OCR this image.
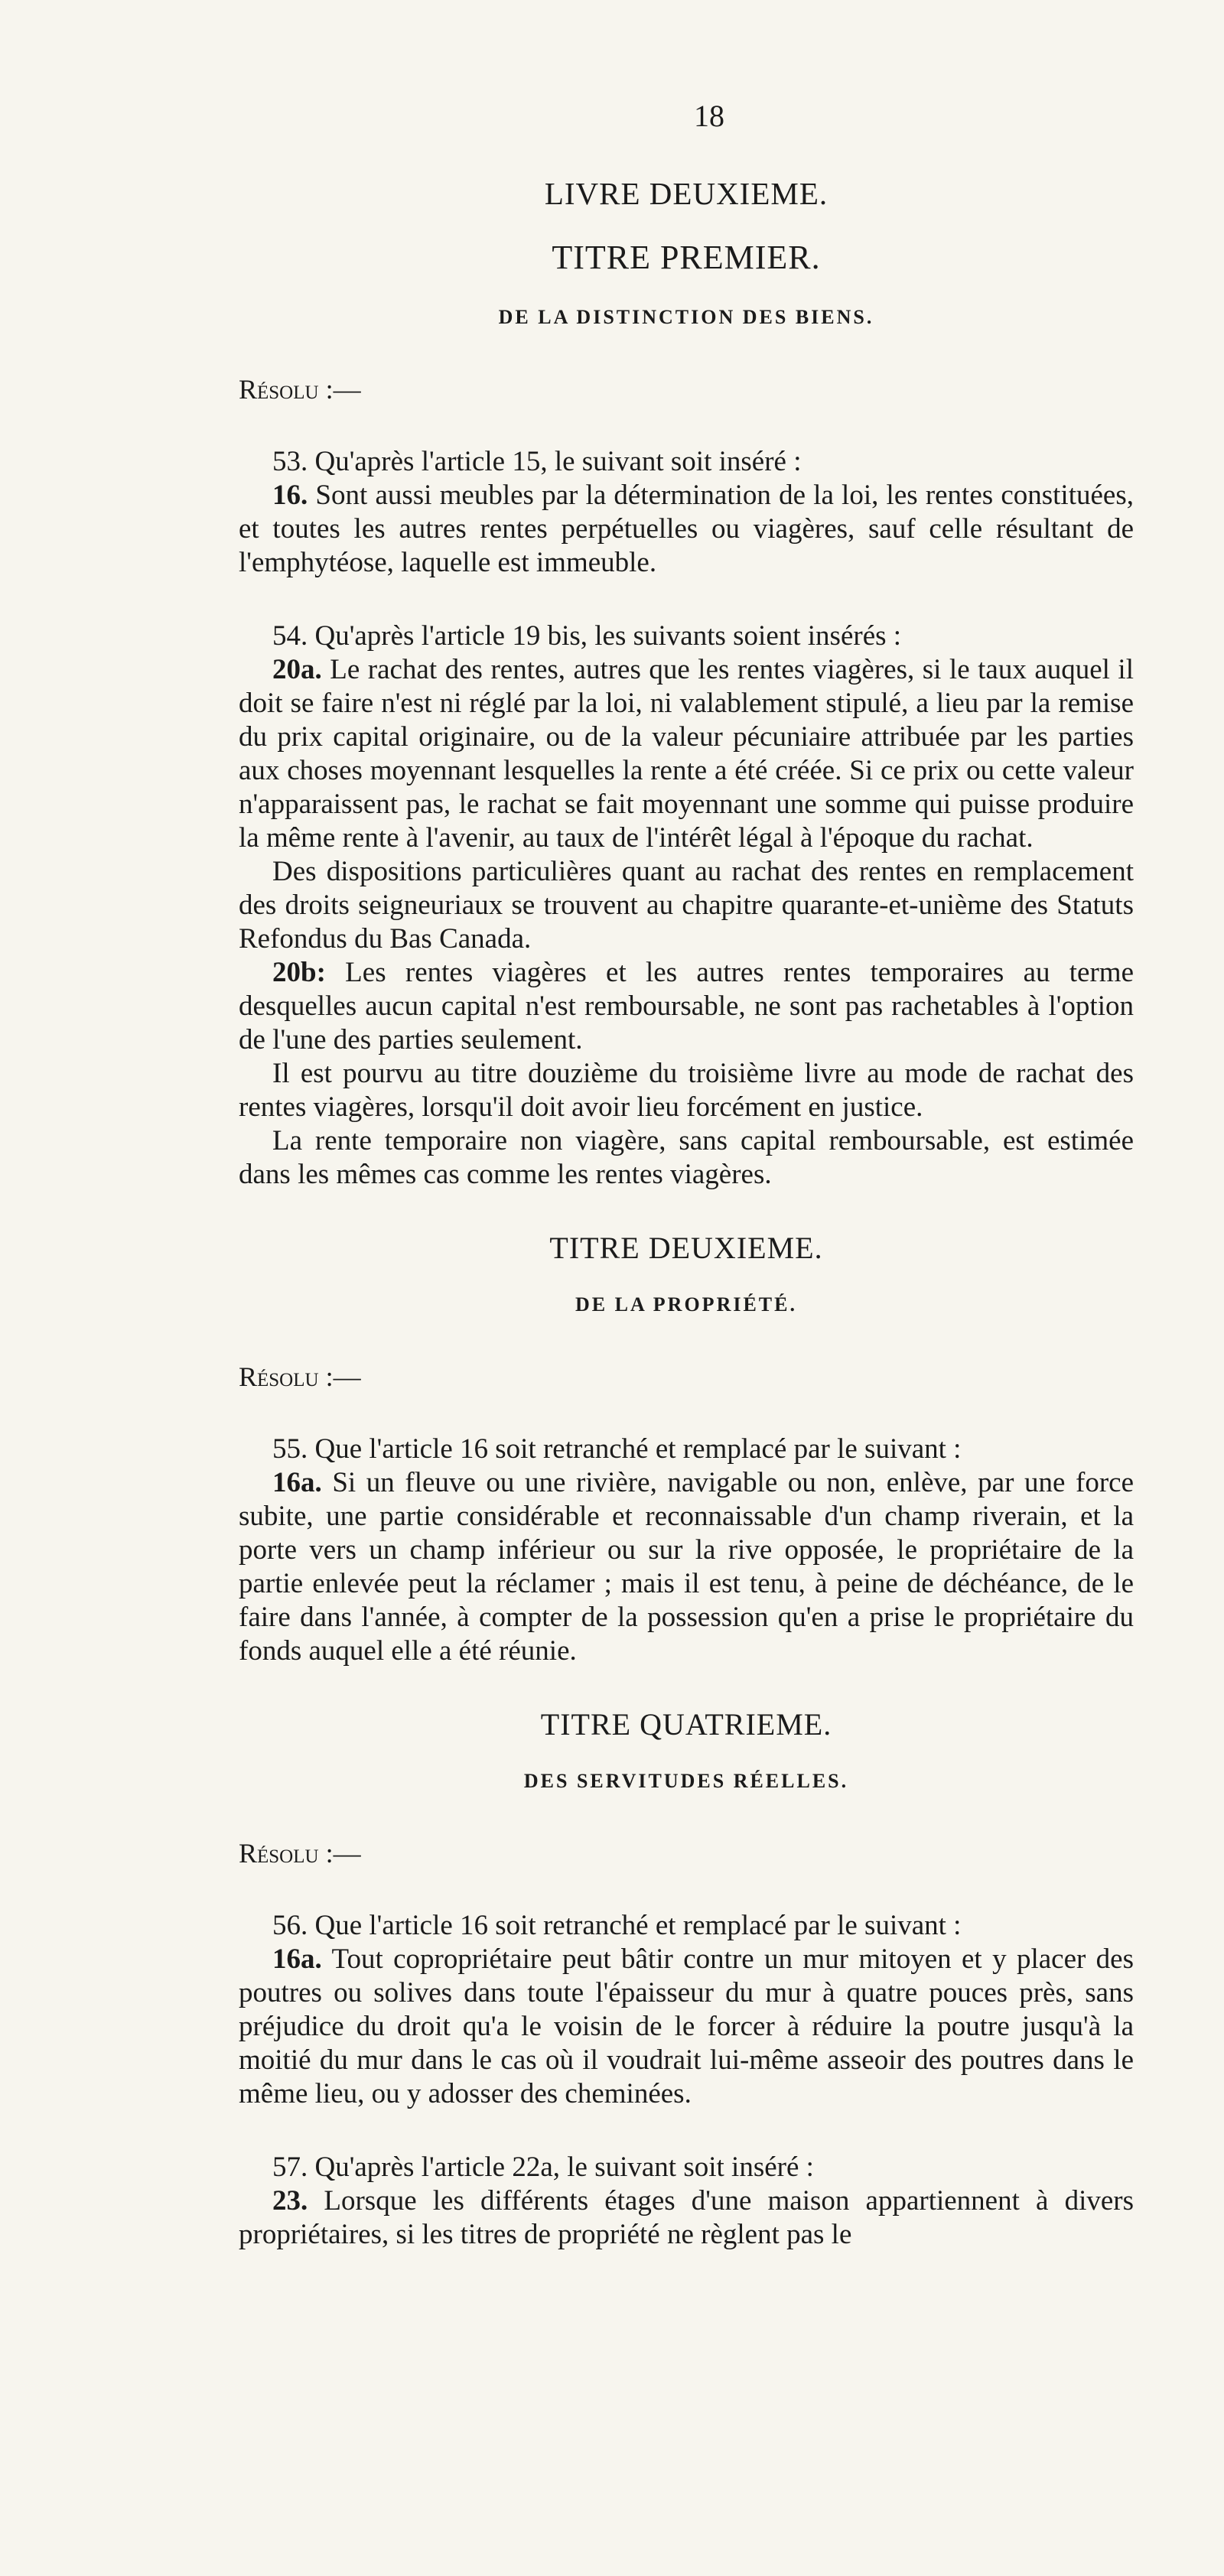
18
LIVRE DEUXIEME.
TITRE PREMIER.
DE LA DISTINCTION DES BIENS.
Résolu :—

53. Qu'après l'article 15, le suivant soit inséré :

16. Sont aussi meubles par la détermination de la loi, les rentes constituées, et toutes les autres rentes perpétuelles ou viagères, sauf celle résultant de l'emphytéose, laquelle est immeuble.

54. Qu'après l'article 19 bis, les suivants soient insérés :

20a. Le rachat des rentes, autres que les rentes viagères, si le taux auquel il doit se faire n'est ni réglé par la loi, ni valablement stipulé, a lieu par la remise du prix capital originaire, ou de la valeur pécuniaire attribuée par les parties aux choses moyennant lesquelles la rente a été créée. Si ce prix ou cette valeur n'apparaissent pas, le rachat se fait moyennant une somme qui puisse produire la même rente à l'avenir, au taux de l'intérêt légal à l'époque du rachat.

Des dispositions particulières quant au rachat des rentes en remplacement des droits seigneuriaux se trouvent au chapitre quarante-et-unième des Statuts Refondus du Bas Canada.

20b: Les rentes viagères et les autres rentes temporaires au terme desquelles aucun capital n'est remboursable, ne sont pas rachetables à l'option de l'une des parties seulement.

Il est pourvu au titre douzième du troisième livre au mode de rachat des rentes viagères, lorsqu'il doit avoir lieu forcément en justice.

La rente temporaire non viagère, sans capital remboursable, est estimée dans les mêmes cas comme les rentes viagères.

TITRE DEUXIEME.
DE LA PROPRIÉTÉ.
Résolu :—

55. Que l'article 16 soit retranché et remplacé par le suivant :

16a. Si un fleuve ou une rivière, navigable ou non, enlève, par une force subite, une partie considérable et reconnaissable d'un champ riverain, et la porte vers un champ inférieur ou sur la rive opposée, le propriétaire de la partie enlevée peut la réclamer ; mais il est tenu, à peine de déchéance, de le faire dans l'année, à compter de la possession qu'en a prise le propriétaire du fonds auquel elle a été réunie.

TITRE QUATRIEME.
DES SERVITUDES RÉELLES.
Résolu :—

56. Que l'article 16 soit retranché et remplacé par le suivant :

16a. Tout copropriétaire peut bâtir contre un mur mitoyen et y placer des poutres ou solives dans toute l'épaisseur du mur à quatre pouces près, sans préjudice du droit qu'a le voisin de le forcer à réduire la poutre jusqu'à la moitié du mur dans le cas où il voudrait lui-même asseoir des poutres dans le même lieu, ou y adosser des cheminées.

57. Qu'après l'article 22a, le suivant soit inséré :

23. Lorsque les différents étages d'une maison appartiennent à divers propriétaires, si les titres de propriété ne règlent pas le
